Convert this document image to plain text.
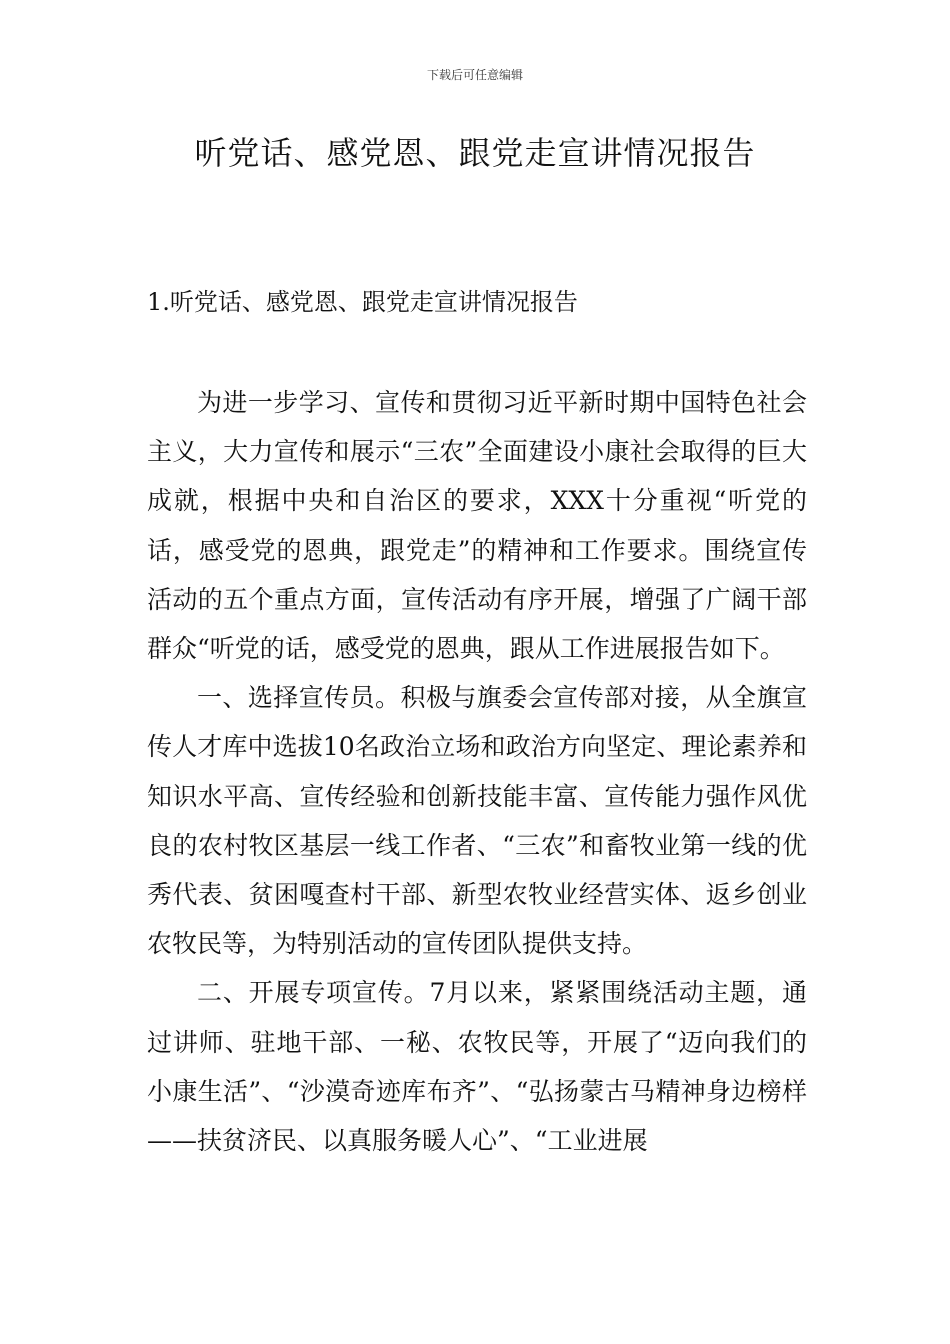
下载后可任意编辑
听党话、感党恩、跟党走宣讲情况报告
1.听党话、感党恩、跟党走宣讲情况报告

为进一步学习、宣传和贯彻习近平新时期中国特色社会主义，大力宣传和展示“三农”全面建设小康社会取得的巨大成就，根据中央和自治区的要求，XXX十分重视“听党的话，感受党的恩典，跟党走”的精神和工作要求。围绕宣传活动的五个重点方面，宣传活动有序开展，增强了广阔干部群众“听党的话，感受党的恩典，跟从工作进展报告如下。

一、选择宣传员。积极与旗委会宣传部对接，从全旗宣传人才库中选拔10名政治立场和政治方向坚定、理论素养和知识水平高、宣传经验和创新技能丰富、宣传能力强作风优良的农村牧区基层一线工作者、“三农”和畜牧业第一线的优秀代表、贫困嘎查村干部、新型农牧业经营实体、返乡创业农牧民等，为特别活动的宣传团队提供支持。

二、开展专项宣传。7月以来，紧紧围绕活动主题，通过讲师、驻地干部、一秘、农牧民等，开展了“迈向我们的小康生活”、“沙漠奇迹库布齐”、“弘扬蒙古马精神身边榜样——扶贫济民、以真服务暖人心”、“工业进展
